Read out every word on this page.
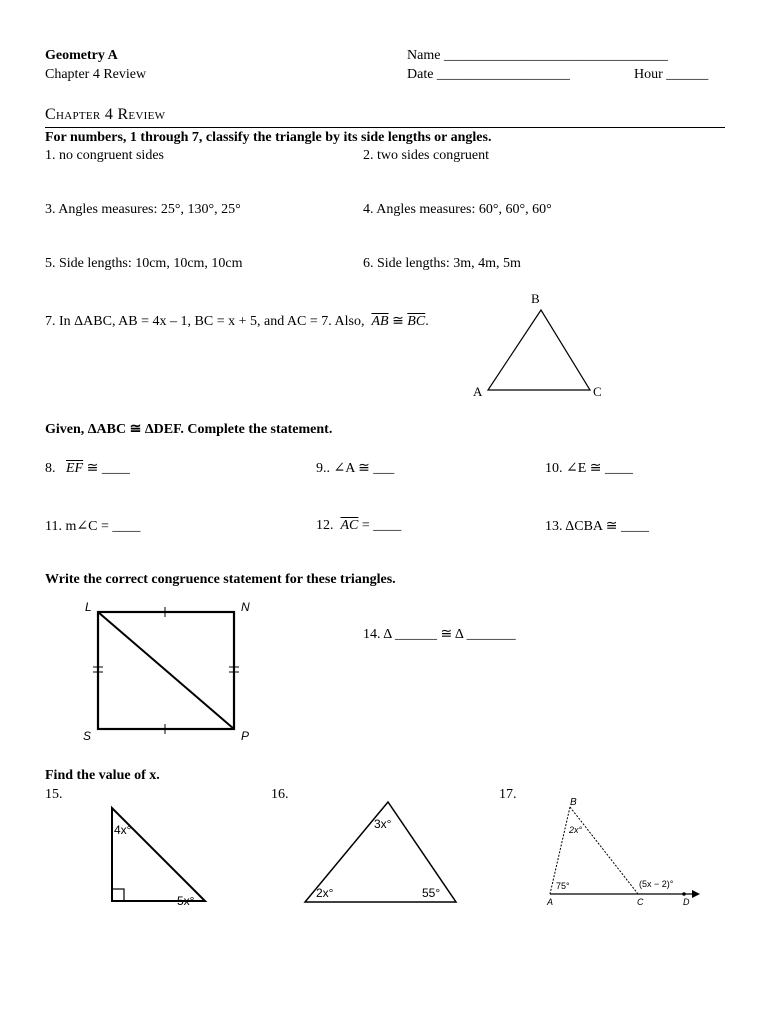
Geometry A
Chapter 4 Review
Name ________________________________
Date ___________________	Hour ______
Chapter 4 Review
For numbers, 1 through 7, classify the triangle by its side lengths or angles.
1. no congruent sides	2. two sides congruent
3. Angles measures: 25°, 130°, 25°	4. Angles measures: 60°, 60°, 60°
5. Side lengths: 10cm, 10cm, 10cm	6. Side lengths: 3m, 4m, 5m
7. In ΔABC, AB = 4x – 1, BC = x + 5, and AC = 7. Also, $\overline{AB}$ ≅ $\overline{BC}$.
B
A	C
Given, ΔABC ≅ ΔDEF. Complete the statement.
8. $\overline{EF}$ ≅ ____	9.. ∠A ≅ ___	10. ∠E ≅ ____
11. m∠C = ____	12. $\overline{AC}$ = ____	13. ΔCBA ≅ ____
Write the correct congruence statement for these triangles.
L	N
S	P
14. Δ ______ ≅ Δ _______
Find the value of x.
15.	16.	17.
4x°
5x°
3x°
2x°	55°
B
2x°
75°	(5x − 2)°
A	C	D
